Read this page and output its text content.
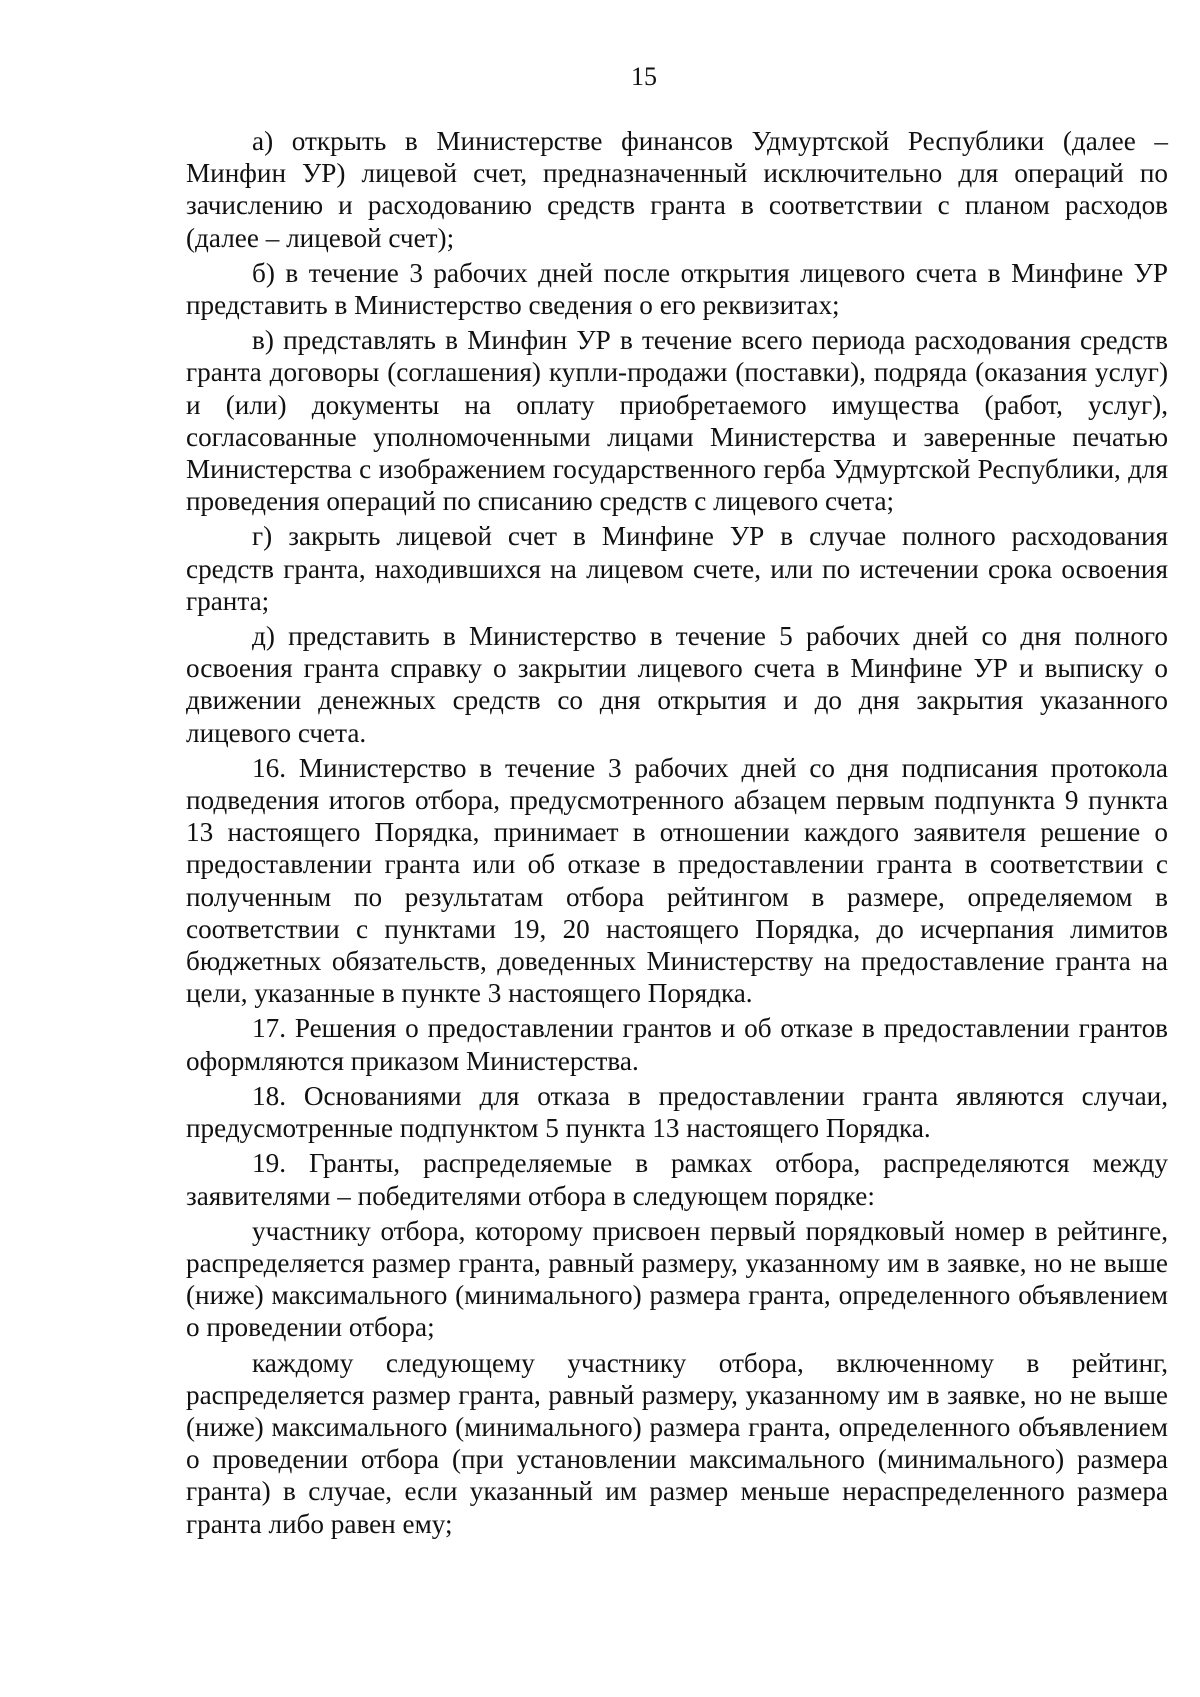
15

а) открыть в Министерстве финансов Удмуртской Республики (далее – Минфин УР) лицевой счет, предназначенный исключительно для операций по зачислению и расходованию средств гранта в соответствии с планом расходов (далее – лицевой счет);

б) в течение 3 рабочих дней после открытия лицевого счета в Минфине УР представить в Министерство сведения о его реквизитах;

в) представлять в Минфин УР в течение всего периода расходования средств гранта договоры (соглашения) купли-продажи (поставки), подряда (оказания услуг) и (или) документы на оплату приобретаемого имущества (работ, услуг), согласованные уполномоченными лицами Министерства и заверенные печатью Министерства с изображением государственного герба Удмуртской Республики, для проведения операций по списанию средств с лицевого счета;

г) закрыть лицевой счет в Минфине УР в случае полного расходования средств гранта, находившихся на лицевом счете, или по истечении срока освоения гранта;

д) представить в Министерство в течение 5 рабочих дней со дня полного освоения гранта справку о закрытии лицевого счета в Минфине УР и выписку о движении денежных средств со дня открытия и до дня закрытия указанного лицевого счета.

16. Министерство в течение 3 рабочих дней со дня подписания протокола подведения итогов отбора, предусмотренного абзацем первым подпункта 9 пункта 13 настоящего Порядка, принимает в отношении каждого заявителя решение о предоставлении гранта или об отказе в предоставлении гранта в соответствии с полученным по результатам отбора рейтингом в размере, определяемом в соответствии с пунктами 19, 20 настоящего Порядка, до исчерпания лимитов бюджетных обязательств, доведенных Министерству на предоставление гранта на цели, указанные в пункте 3 настоящего Порядка.

17. Решения о предоставлении грантов и об отказе в предоставлении грантов оформляются приказом Министерства.

18. Основаниями для отказа в предоставлении гранта являются случаи, предусмотренные подпунктом 5 пункта 13 настоящего Порядка.

19. Гранты, распределяемые в рамках отбора, распределяются между заявителями – победителями отбора в следующем порядке:

участнику отбора, которому присвоен первый порядковый номер в рейтинге, распределяется размер гранта, равный размеру, указанному им в заявке, но не выше (ниже) максимального (минимального) размера гранта, определенного объявлением о проведении отбора;

каждому следующему участнику отбора, включенному в рейтинг, распределяется размер гранта, равный размеру, указанному им в заявке, но не выше (ниже) максимального (минимального) размера гранта, определенного объявлением о проведении отбора (при установлении максимального (минимального) размера гранта) в случае, если указанный им размер меньше нераспределенного размера гранта либо равен ему;
